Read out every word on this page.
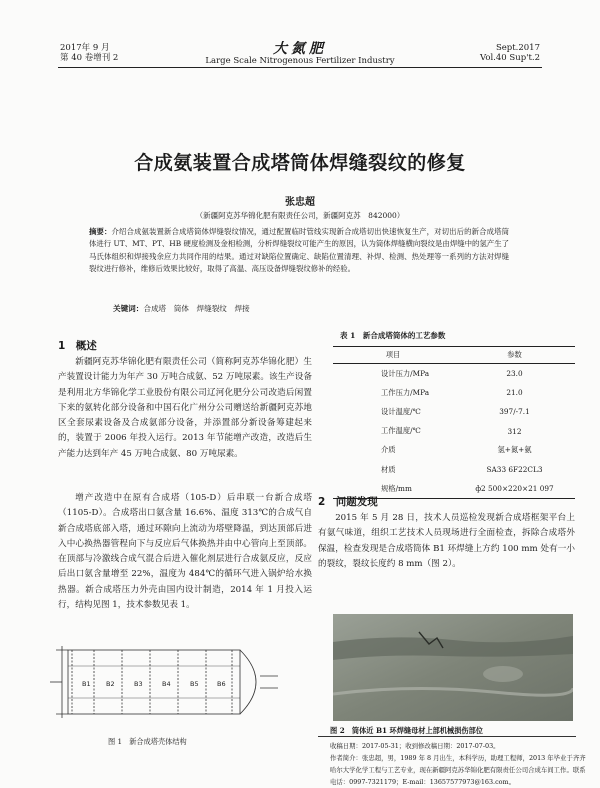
2017年 9 月
第 40 卷增刊 2
大氮肥
Large Scale Nitrogenous Fertilizer Industry
Sept.2017
Vol.40 Sup't.2
合成氨装置合成塔筒体焊缝裂纹的修复
张忠超
（新疆阿克苏华锦化肥有限责任公司，新疆阿克苏　842000）
摘要：介绍合成氨装置新合成塔筒体焊缝裂纹情况，通过配置临时管线实现新合成塔切出快速恢复生产，对切出后的新合成塔筒体进行 UT、MT、PT、HB 硬度检测及金相检测，分析焊缝裂纹可能产生的原因，认为筒体焊缝横向裂纹是由焊缝中的氢产生了马氏体组织和焊接残余应力共同作用的结果。通过对缺陷位置确定、缺陷位置清理、补焊、检测、热处理等一系列的方法对焊缝裂纹进行修补，维修后效果比较好，取得了高温、高压设备焊缝裂纹修补的经验。
关键词：合成塔　筒体　焊缝裂纹　焊接
1　概述
新疆阿克苏华锦化肥有限责任公司（简称阿克苏华锦化肥）生产装置设计能力为年产 30 万吨合成氨、52 万吨尿素。该生产设备是利用北方华锦化学工业股份有限公司辽河化肥分公司改造后闲置下来的氨转化部分设备和中国石化广州分公司赠送给新疆阿克苏地区全套尿素设备及合成氨部分设备，并添置部分新设备筹建起来的，装置于 2006 年投入运行。2013 年节能增产改造，改造后生产能力达到年产 45 万吨合成氨、80 万吨尿素。
增产改造中在原有合成塔（105-D）后串联一台新合成塔（1105-D）。合成塔出口氨含量 16.6%、温度 313℃的合成气自新合成塔底部入塔，通过环隙向上流动为塔壁降温，到达顶部后进入中心换热器管程向下与反应后气体换热并由中心管向上至顶部。在顶部与冷激线合成气混合后进入催化剂层进行合成氨反应，反应后出口氨含量增至 22%，温度为 484℃的循环气进入锅炉给水换热器。新合成塔压力外壳由国内设计制造，2014 年 1 月投入运行，结构见图 1，技术参数见表 1。
B1 B2	B3	B4	B5	B6
图 1　新合成塔壳体结构
表 1　新合成塔筒体的工艺参数
项目	参数
设计压力/MPa	23.0
工作压力/MPa	21.0
设计温度/℃	397/-7.1
工作温度/℃	312
介质	氢+氮+氨
材质	SA33 6F22CL3
规格/mm	ф2 500×220×21 097
2　问题发现
2015 年 5 月 28 日，技术人员巡检发现新合成塔框架平台上有氨气味道，组织工艺技术人员现场进行全面检查，拆除合成塔外保温，检查发现是合成塔筒体 B1 环焊缝上方约 100 mm 处有一小的裂纹，裂纹长度约 8 mm（图 2）。
图 2　筒体近 B1 环焊缝母材上部机械损伤部位
收稿日期：2017-05-31；收到修改稿日期：2017-07-03。
作者简介：张忠超，男，1989 年 8 月出生，本科学历，助理工程师，2013 年毕业于齐齐哈尔大学化学工程与工艺专业，现在新疆阿克苏华锦化肥有限责任公司合成车间工作。联系电话：0997-7321179；E-mail：13657577973@163.com。
